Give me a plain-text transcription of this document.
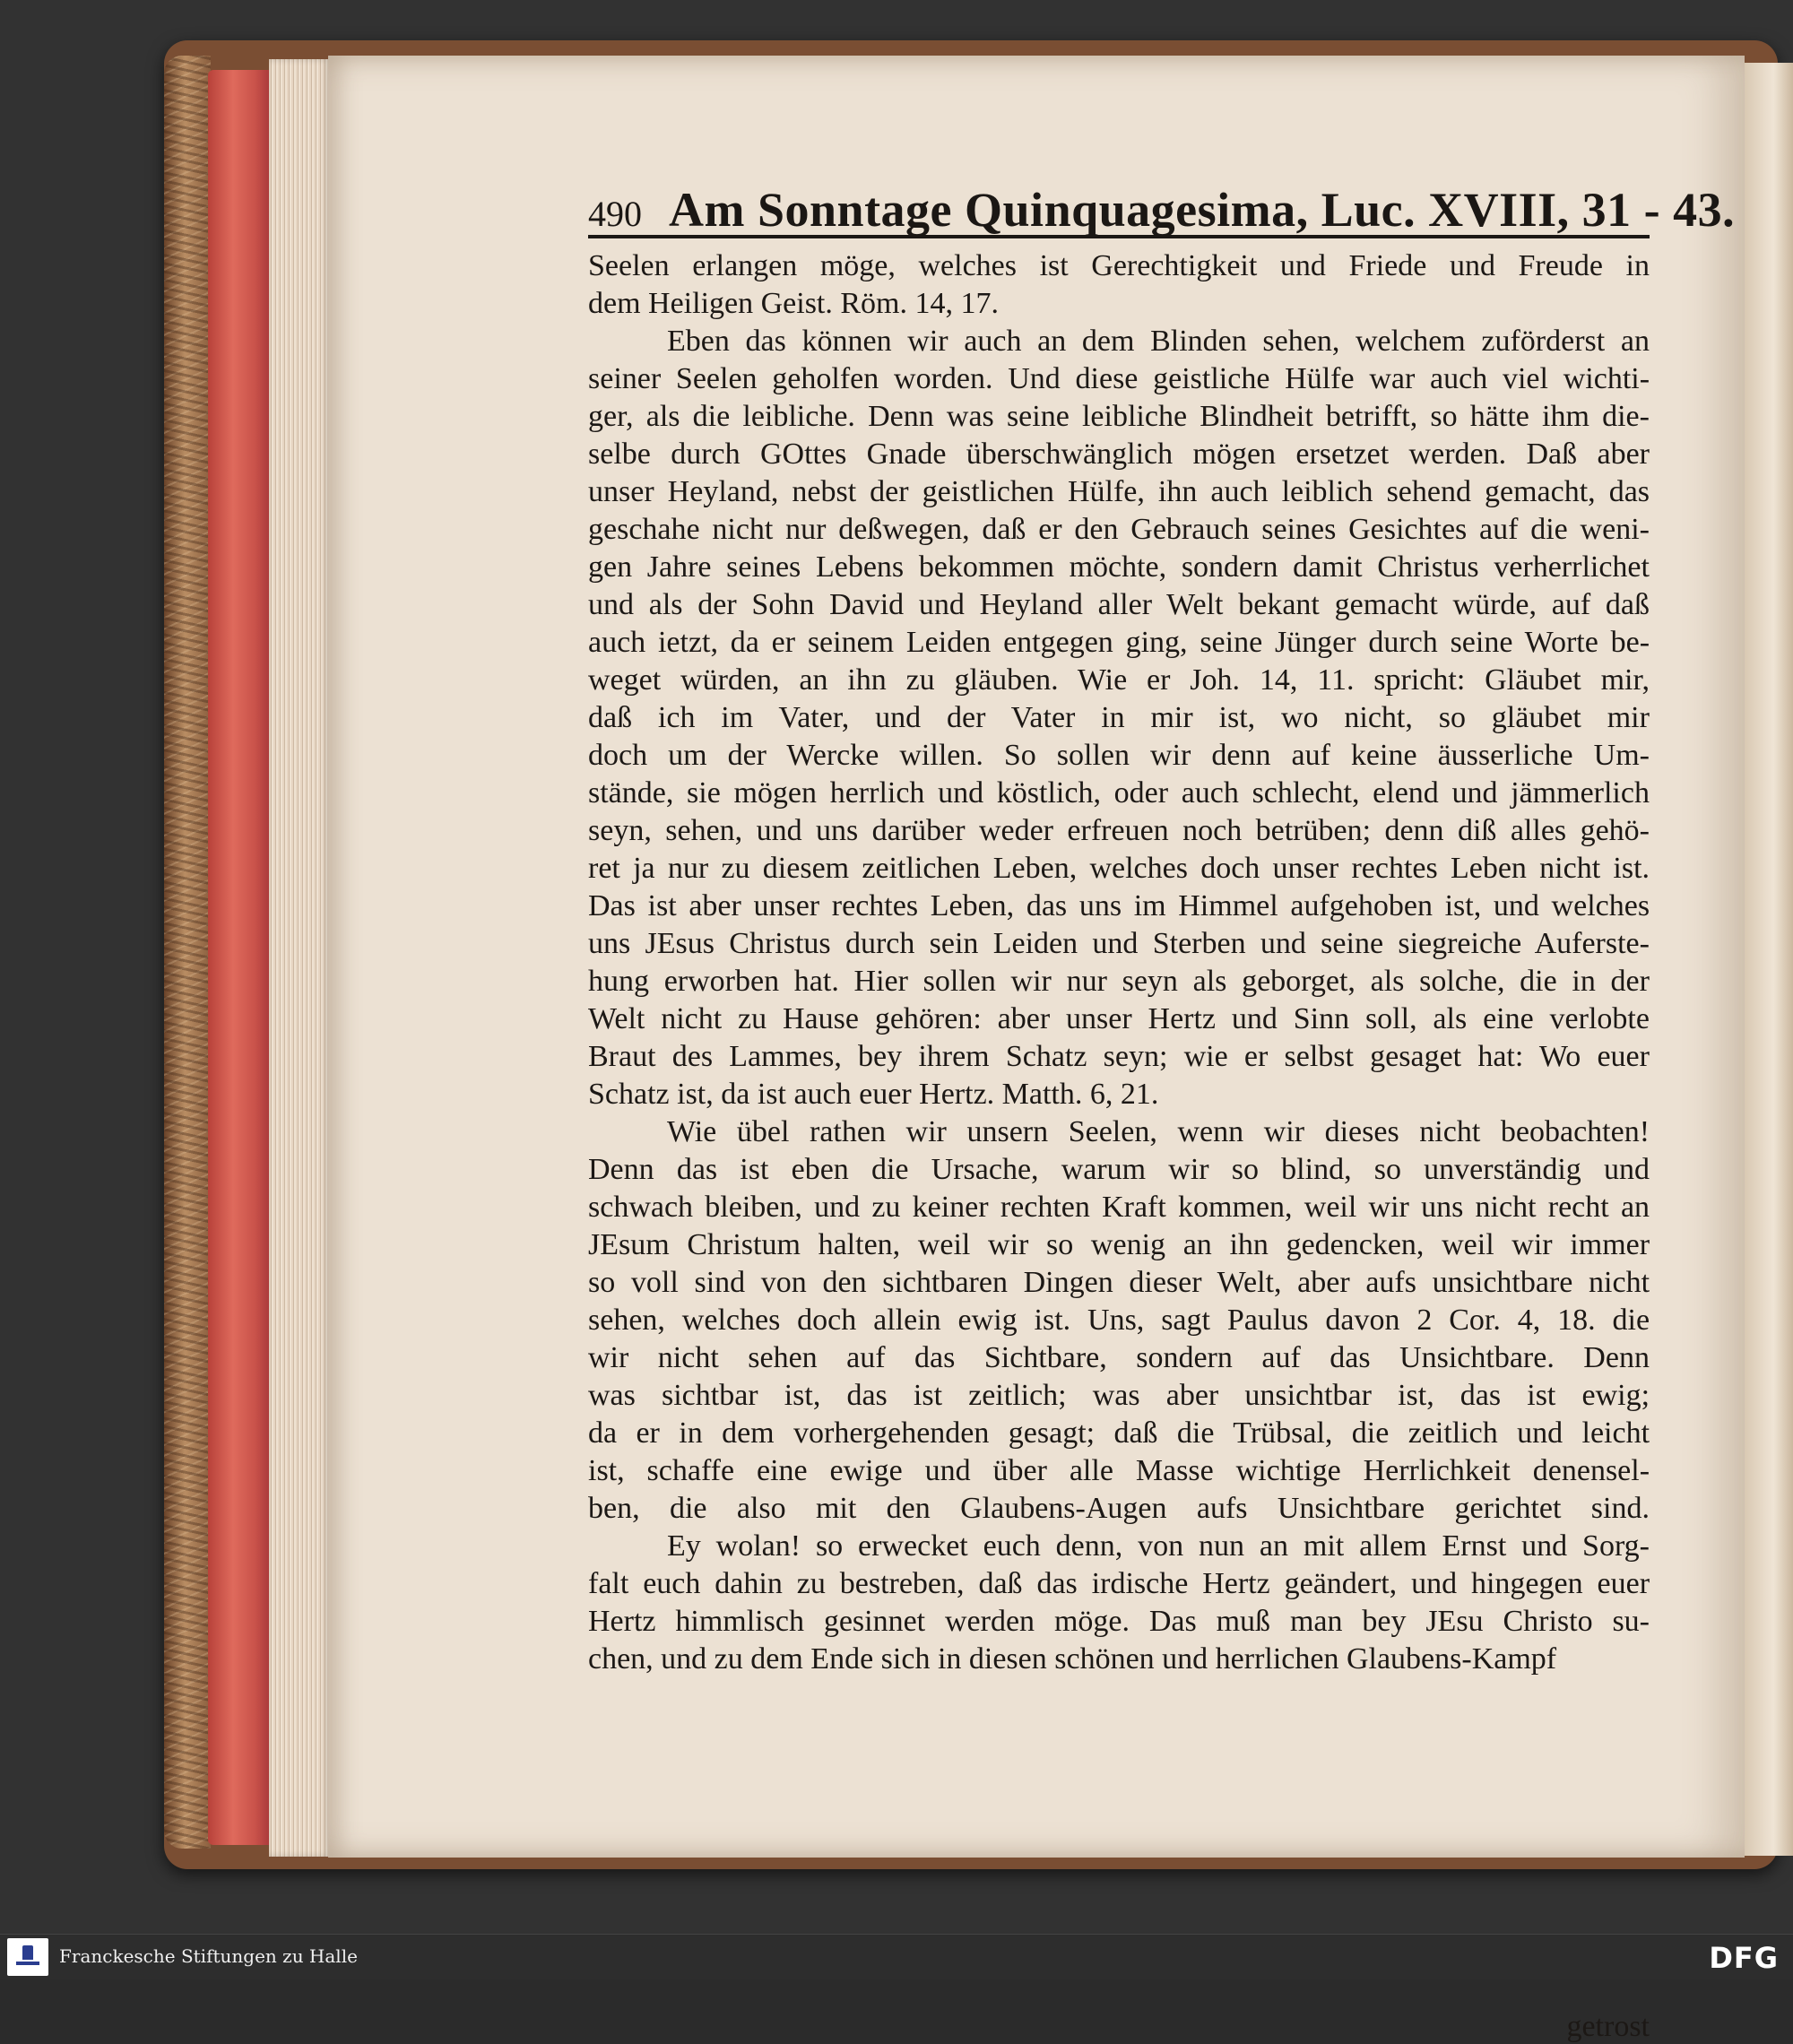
490 Am Sonntage Quinquagesima, Luc. XVIII, 31 - 43.
Seelen erlangen möge, welches ist Gerechtigkeit und Friede und Freude in
dem Heiligen Geist. Röm. 14, 17.
Eben das können wir auch an dem Blinden sehen, welchem zuförderst an
seiner Seelen geholfen worden. Und diese geistliche Hülfe war auch viel wichti-
ger, als die leibliche. Denn was seine leibliche Blindheit betrifft, so hätte ihm die-
selbe durch GOttes Gnade überschwänglich mögen ersetzet werden. Daß aber
unser Heyland, nebst der geistlichen Hülfe, ihn auch leiblich sehend gemacht, das
geschahe nicht nur deßwegen, daß er den Gebrauch seines Gesichtes auf die weni-
gen Jahre seines Lebens bekommen möchte, sondern damit Christus verherrlichet
und als der Sohn David und Heyland aller Welt bekant gemacht würde, auf daß
auch ietzt, da er seinem Leiden entgegen ging, seine Jünger durch seine Worte be-
weget würden, an ihn zu gläuben. Wie er Joh. 14, 11. spricht: Gläubet mir,
daß ich im Vater, und der Vater in mir ist, wo nicht, so gläubet mir
doch um der Wercke willen. So sollen wir denn auf keine äusserliche Um-
stände, sie mögen herrlich und köstlich, oder auch schlecht, elend und jämmerlich
seyn, sehen, und uns darüber weder erfreuen noch betrüben; denn diß alles gehö-
ret ja nur zu diesem zeitlichen Leben, welches doch unser rechtes Leben nicht ist.
Das ist aber unser rechtes Leben, das uns im Himmel aufgehoben ist, und welches
uns JEsus Christus durch sein Leiden und Sterben und seine siegreiche Auferste-
hung erworben hat. Hier sollen wir nur seyn als geborget, als solche, die in der
Welt nicht zu Hause gehören: aber unser Hertz und Sinn soll, als eine verlobte
Braut des Lammes, bey ihrem Schatz seyn; wie er selbst gesaget hat: Wo euer
Schatz ist, da ist auch euer Hertz. Matth. 6, 21.
Wie übel rathen wir unsern Seelen, wenn wir dieses nicht beobachten!
Denn das ist eben die Ursache, warum wir so blind, so unverständig und
schwach bleiben, und zu keiner rechten Kraft kommen, weil wir uns nicht recht an
JEsum Christum halten, weil wir so wenig an ihn gedencken, weil wir immer
so voll sind von den sichtbaren Dingen dieser Welt, aber aufs unsichtbare nicht
sehen, welches doch allein ewig ist. Uns, sagt Paulus davon 2 Cor. 4, 18. die
wir nicht sehen auf das Sichtbare, sondern auf das Unsichtbare. Denn
was sichtbar ist, das ist zeitlich; was aber unsichtbar ist, das ist ewig;
da er in dem vorhergehenden gesagt; daß die Trübsal, die zeitlich und leicht
ist, schaffe eine ewige und über alle Masse wichtige Herrlichkeit denensel-
ben, die also mit den Glaubens-Augen aufs Unsichtbare gerichtet sind.
Ey wolan! so erwecket euch denn, von nun an mit allem Ernst und Sorg-
falt euch dahin zu bestreben, daß das irdische Hertz geändert, und hingegen euer
Hertz himmlisch gesinnet werden möge. Das muß man bey JEsu Christo su-
chen, und zu dem Ende sich in diesen schönen und herrlichen Glaubens-Kampf
getrost
Franckesche Stiftungen zu Halle	DFG
